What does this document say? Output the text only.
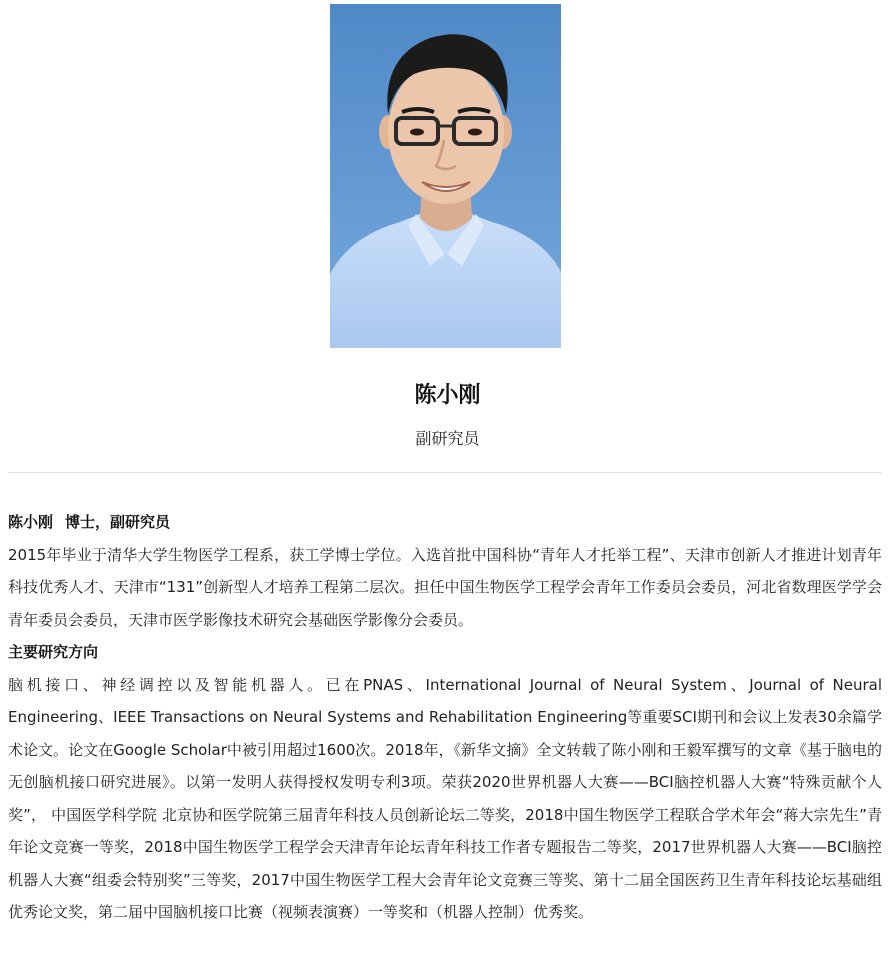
陈小刚
副研究员

陈小刚 博士，副研究员

2015年毕业于清华大学生物医学工程系，获工学博士学位。入选首批中国科协“青年人才托举工程”、天津市创新人才推进计划青年科技优秀人才、天津市“131”创新型人才培养工程第二层次。担任中国生物医学工程学会青年工作委员会委员，河北省数理医学学会青年委员会委员，天津市医学影像技术研究会基础医学影像分会委员。

主要研究方向

脑机接口、神经调控以及智能机器人。已在PNAS、International Journal of Neural System、Journal of Neural Engineering、IEEE Transactions on Neural Systems and Rehabilitation Engineering等重要SCI期刊和会议上发表30余篇学术论文。论文在Google Scholar中被引用超过1600次。2018年，《新华文摘》全文转载了陈小刚和王毅军撰写的文章《基于脑电的无创脑机接口研究进展》。以第一发明人获得授权发明专利3项。荣获2020世界机器人大赛——BCI脑控机器人大赛“特殊贡献个人奖”， 中国医学科学院 北京协和医学院第三届青年科技人员创新论坛二等奖，2018中国生物医学工程联合学术年会“蒋大宗先生”青年论文竞赛一等奖，2018中国生物医学工程学会天津青年论坛青年科技工作者专题报告二等奖，2017世界机器人大赛——BCI脑控机器人大赛“组委会特别奖”三等奖，2017中国生物医学工程大会青年论文竞赛三等奖、第十二届全国医药卫生青年科技论坛基础组优秀论文奖，第二届中国脑机接口比赛（视频表演赛）一等奖和（机器人控制）优秀奖。
